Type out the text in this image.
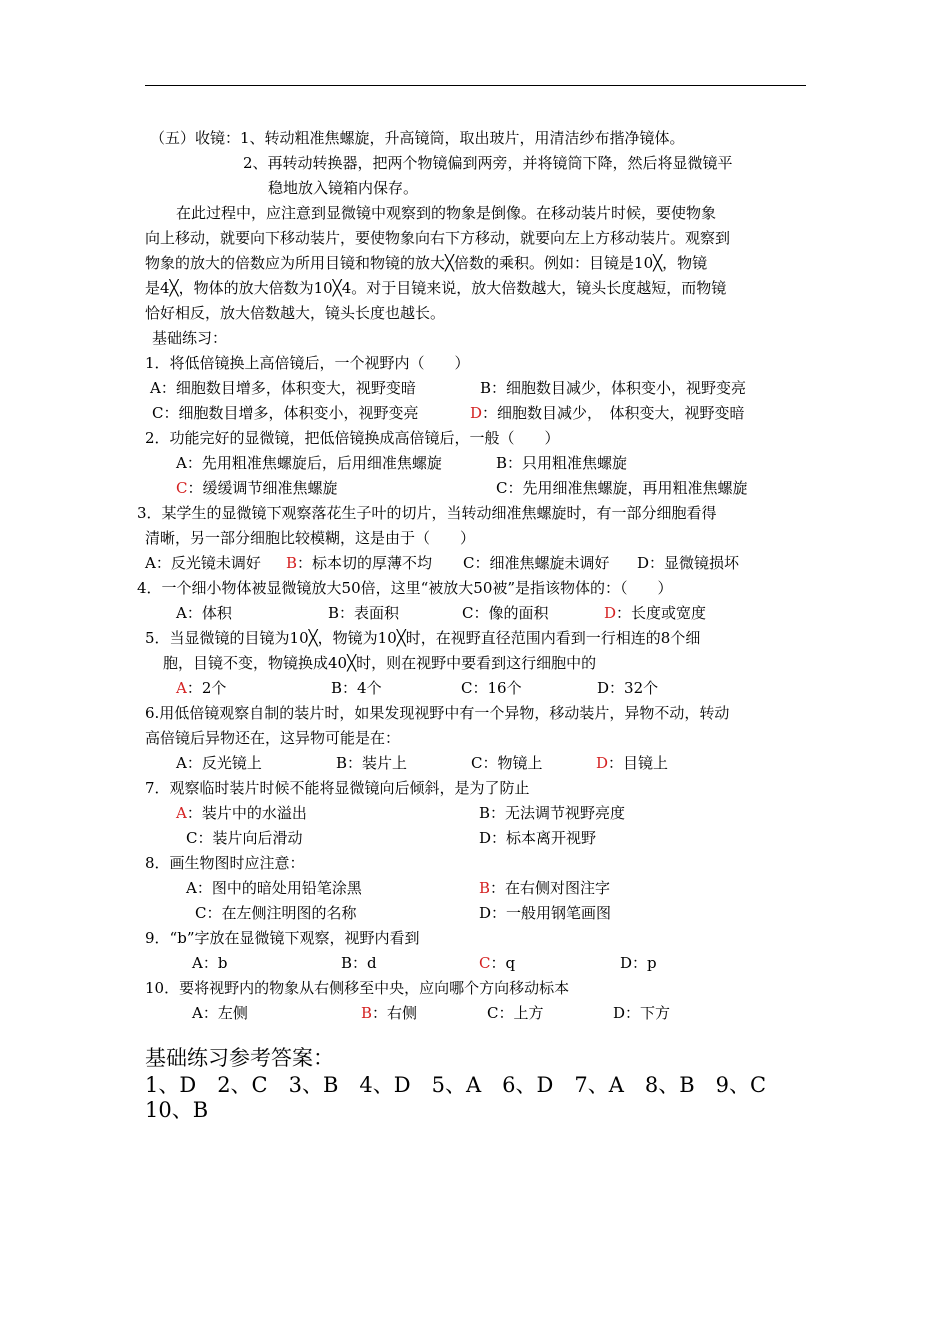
（五）收镜：1、转动粗准焦螺旋，升高镜筒，取出玻片，用清洁纱布揩净镜体。
2、再转动转换器，把两个物镜偏到两旁，并将镜筒下降，然后将显微镜平
稳地放入镜箱内保存。
在此过程中，应注意到显微镜中观察到的物象是倒像。在移动装片时候，要使物象
向上移动，就要向下移动装片，要使物象向右下方移动，就要向左上方移动装片。观察到
物象的放大的倍数应为所用目镜和物镜的放大╳倍数的乘积。例如：目镜是10╳，物镜
是4╳，物体的放大倍数为10╳4。对于目镜来说，放大倍数越大，镜头长度越短，而物镜
恰好相反，放大倍数越大，镜头长度也越长。
基础练习：
1．将低倍镜换上高倍镜后，一个视野内（　　）
A：细胞数目增多，体积变大，视野变暗	B：细胞数目减少，体积变小，视野变亮
C：细胞数目增多，体积变小，视野变亮	D：细胞数目减少，　体积变大，视野变暗
2．功能完好的显微镜，把低倍镜换成高倍镜后，一般（　　）
A：先用粗准焦螺旋后，后用细准焦螺旋	B：只用粗准焦螺旋
C：缓缓调节细准焦螺旋	C：先用细准焦螺旋，再用粗准焦螺旋
3．某学生的显微镜下观察落花生子叶的切片，当转动细准焦螺旋时，有一部分细胞看得
清晰，另一部分细胞比较模糊，这是由于（　　）
A：反光镜未调好 B：标本切的厚薄不均 C：细准焦螺旋未调好 D：显微镜损坏
4．一个细小物体被显微镜放大50倍，这里“被放大50被”是指该物体的：（　　）
A：体积	B：表面积	C：像的面积	D：长度或宽度
5．当显微镜的目镜为10╳，物镜为10╳时，在视野直径范围内看到一行相连的8个细
胞，目镜不变，物镜换成40╳时，则在视野中要看到这行细胞中的
A：2个	B：4个	C：16个	D：32个
6.用低倍镜观察自制的装片时，如果发现视野中有一个异物，移动装片，异物不动，转动
高倍镜后异物还在，这异物可能是在：
A：反光镜上	B：装片上	C：物镜上	D：目镜上
7．观察临时装片时候不能将显微镜向后倾斜，是为了防止
A：装片中的水溢出	B：无法调节视野亮度
C：装片向后滑动	D：标本离开视野
8．画生物图时应注意：
A：图中的暗处用铅笔涂黑	B：在右侧对图注字
C：在左侧注明图的名称	D：一般用钢笔画图
9．“b”字放在显微镜下观察，视野内看到
A：b	B：d	C：q	D：p
10．要将视野内的物象从右侧移至中央，应向哪个方向移动标本
A：左侧	B：右侧	C：上方	D：下方
基础练习参考答案：
1、D　2、C　3、B　4、D　5、A　6、D　7、A　8、B　9、C
10、B
